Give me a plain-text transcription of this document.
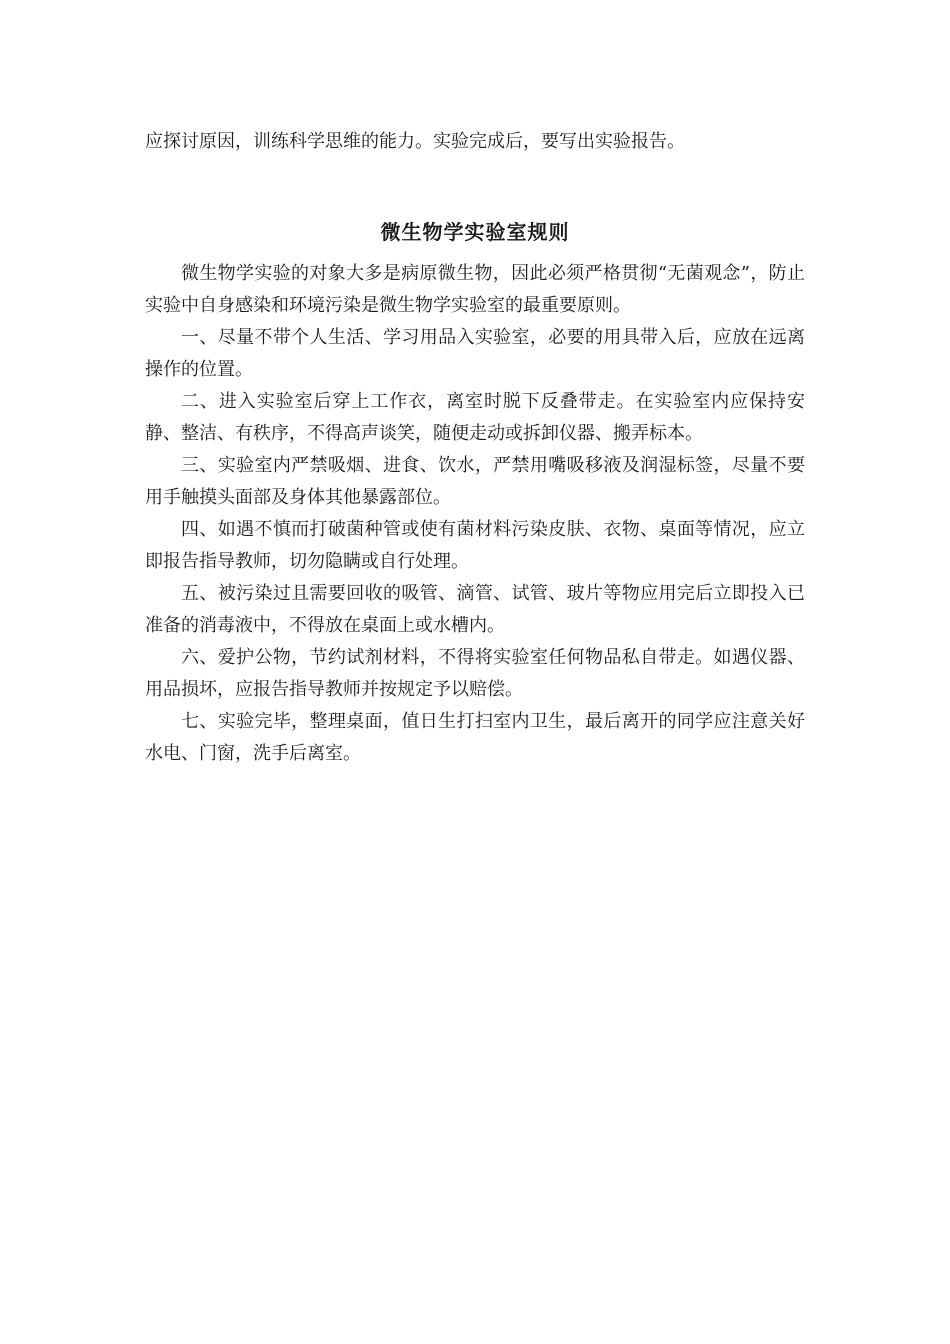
应探讨原因，训练科学思维的能力。实验完成后，要写出实验报告。
微生物学实验室规则

微生物学实验的对象大多是病原微生物，因此必须严格贯彻“无菌观念”，防止实验中自身感染和环境污染是微生物学实验室的最重要原则。

一、尽量不带个人生活、学习用品入实验室，必要的用具带入后，应放在远离操作的位置。

二、进入实验室后穿上工作衣，离室时脱下反叠带走。在实验室内应保持安静、整洁、有秩序，不得高声谈笑，随便走动或拆卸仪器、搬弄标本。

三、实验室内严禁吸烟、进食、饮水，严禁用嘴吸移液及润湿标签，尽量不要用手触摸头面部及身体其他暴露部位。

四、如遇不慎而打破菌种管或使有菌材料污染皮肤、衣物、桌面等情况，应立即报告指导教师，切勿隐瞒或自行处理。

五、被污染过且需要回收的吸管、滴管、试管、玻片等物应用完后立即投入已准备的消毒液中，不得放在桌面上或水槽内。

六、爱护公物，节约试剂材料，不得将实验室任何物品私自带走。如遇仪器、用品损坏，应报告指导教师并按规定予以赔偿。

七、实验完毕，整理桌面，值日生打扫室内卫生，最后离开的同学应注意关好水电、门窗，洗手后离室。
